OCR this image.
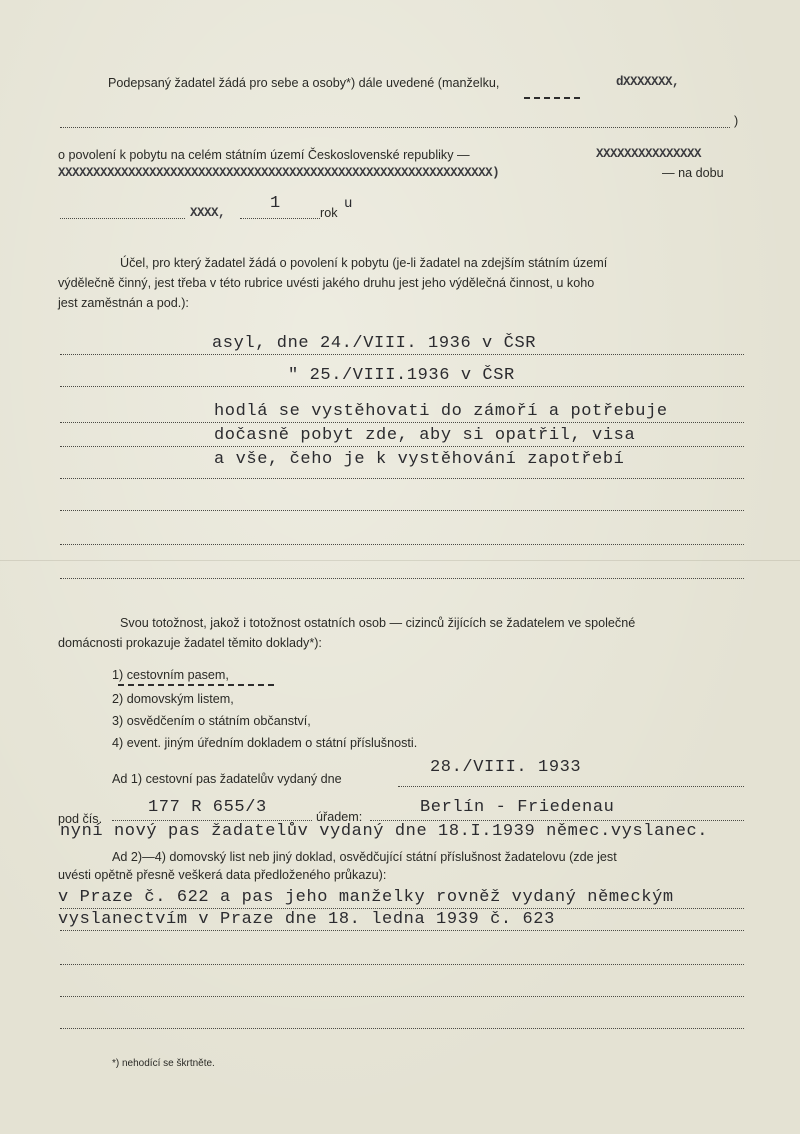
Podepsaný žadatel žádá pro sebe a osoby*) dále uvedené (manželku,	dXXXXXXX,
)
o povolení k pobytu na celém státním území Československé republiky —	XXXXXXXXXXXXXXX
XXXXXXXXXXXXXXXXXXXXXXXXXXXXXXXXXXXXXXXXXXXXXXXXXXXXXXXXXXXXXX)	— na dobu
XXXX,	1	rok
u
Účel, pro který žadatel žádá o povolení k pobytu (je-li žadatel na zdejším státním území
výdělečně činný, jest třeba v této rubrice uvésti jakého druhu jest jeho výdělečná činnost, u koho
jest zaměstnán a pod.):
asyl, dne 24./VIII. 1936 v ČSR
" 25./VIII.1936 v ČSR
hodlá se vystěhovati do zámoří a potřebuje
dočasně pobyt zde, aby si opatřil, visa
a vše, čeho je k vystěhování zapotřebí
Svou totožnost, jakož i totožnost ostatních osob — cizinců žijících se žadatelem ve společné
domácnosti prokazuje žadatel těmito doklady*):
1) cestovním pasem,
2) domovským listem,
3) osvědčením o státním občanství,
4) event. jiným úředním dokladem o státní příslušnosti.
Ad 1) cestovní pas žadatelův vydaný dne
28./VIII. 1933
pod čís.
177 R 655/3	úřadem:	Berlín - Friedenau
nyní nový pas žadatelův vydaný dne 18.I.1939 němec.vyslanec.
Ad 2)—4) domovský list neb jiný doklad, osvědčující státní příslušnost žadatelovu (zde jest
uvésti opětně přesně veškerá data předloženého průkazu):
v Praze č. 622 a pas jeho manželky rovněž vydaný německým
vyslanectvím v Praze dne 18. ledna 1939 č. 623
*) nehodící se škrtněte.
